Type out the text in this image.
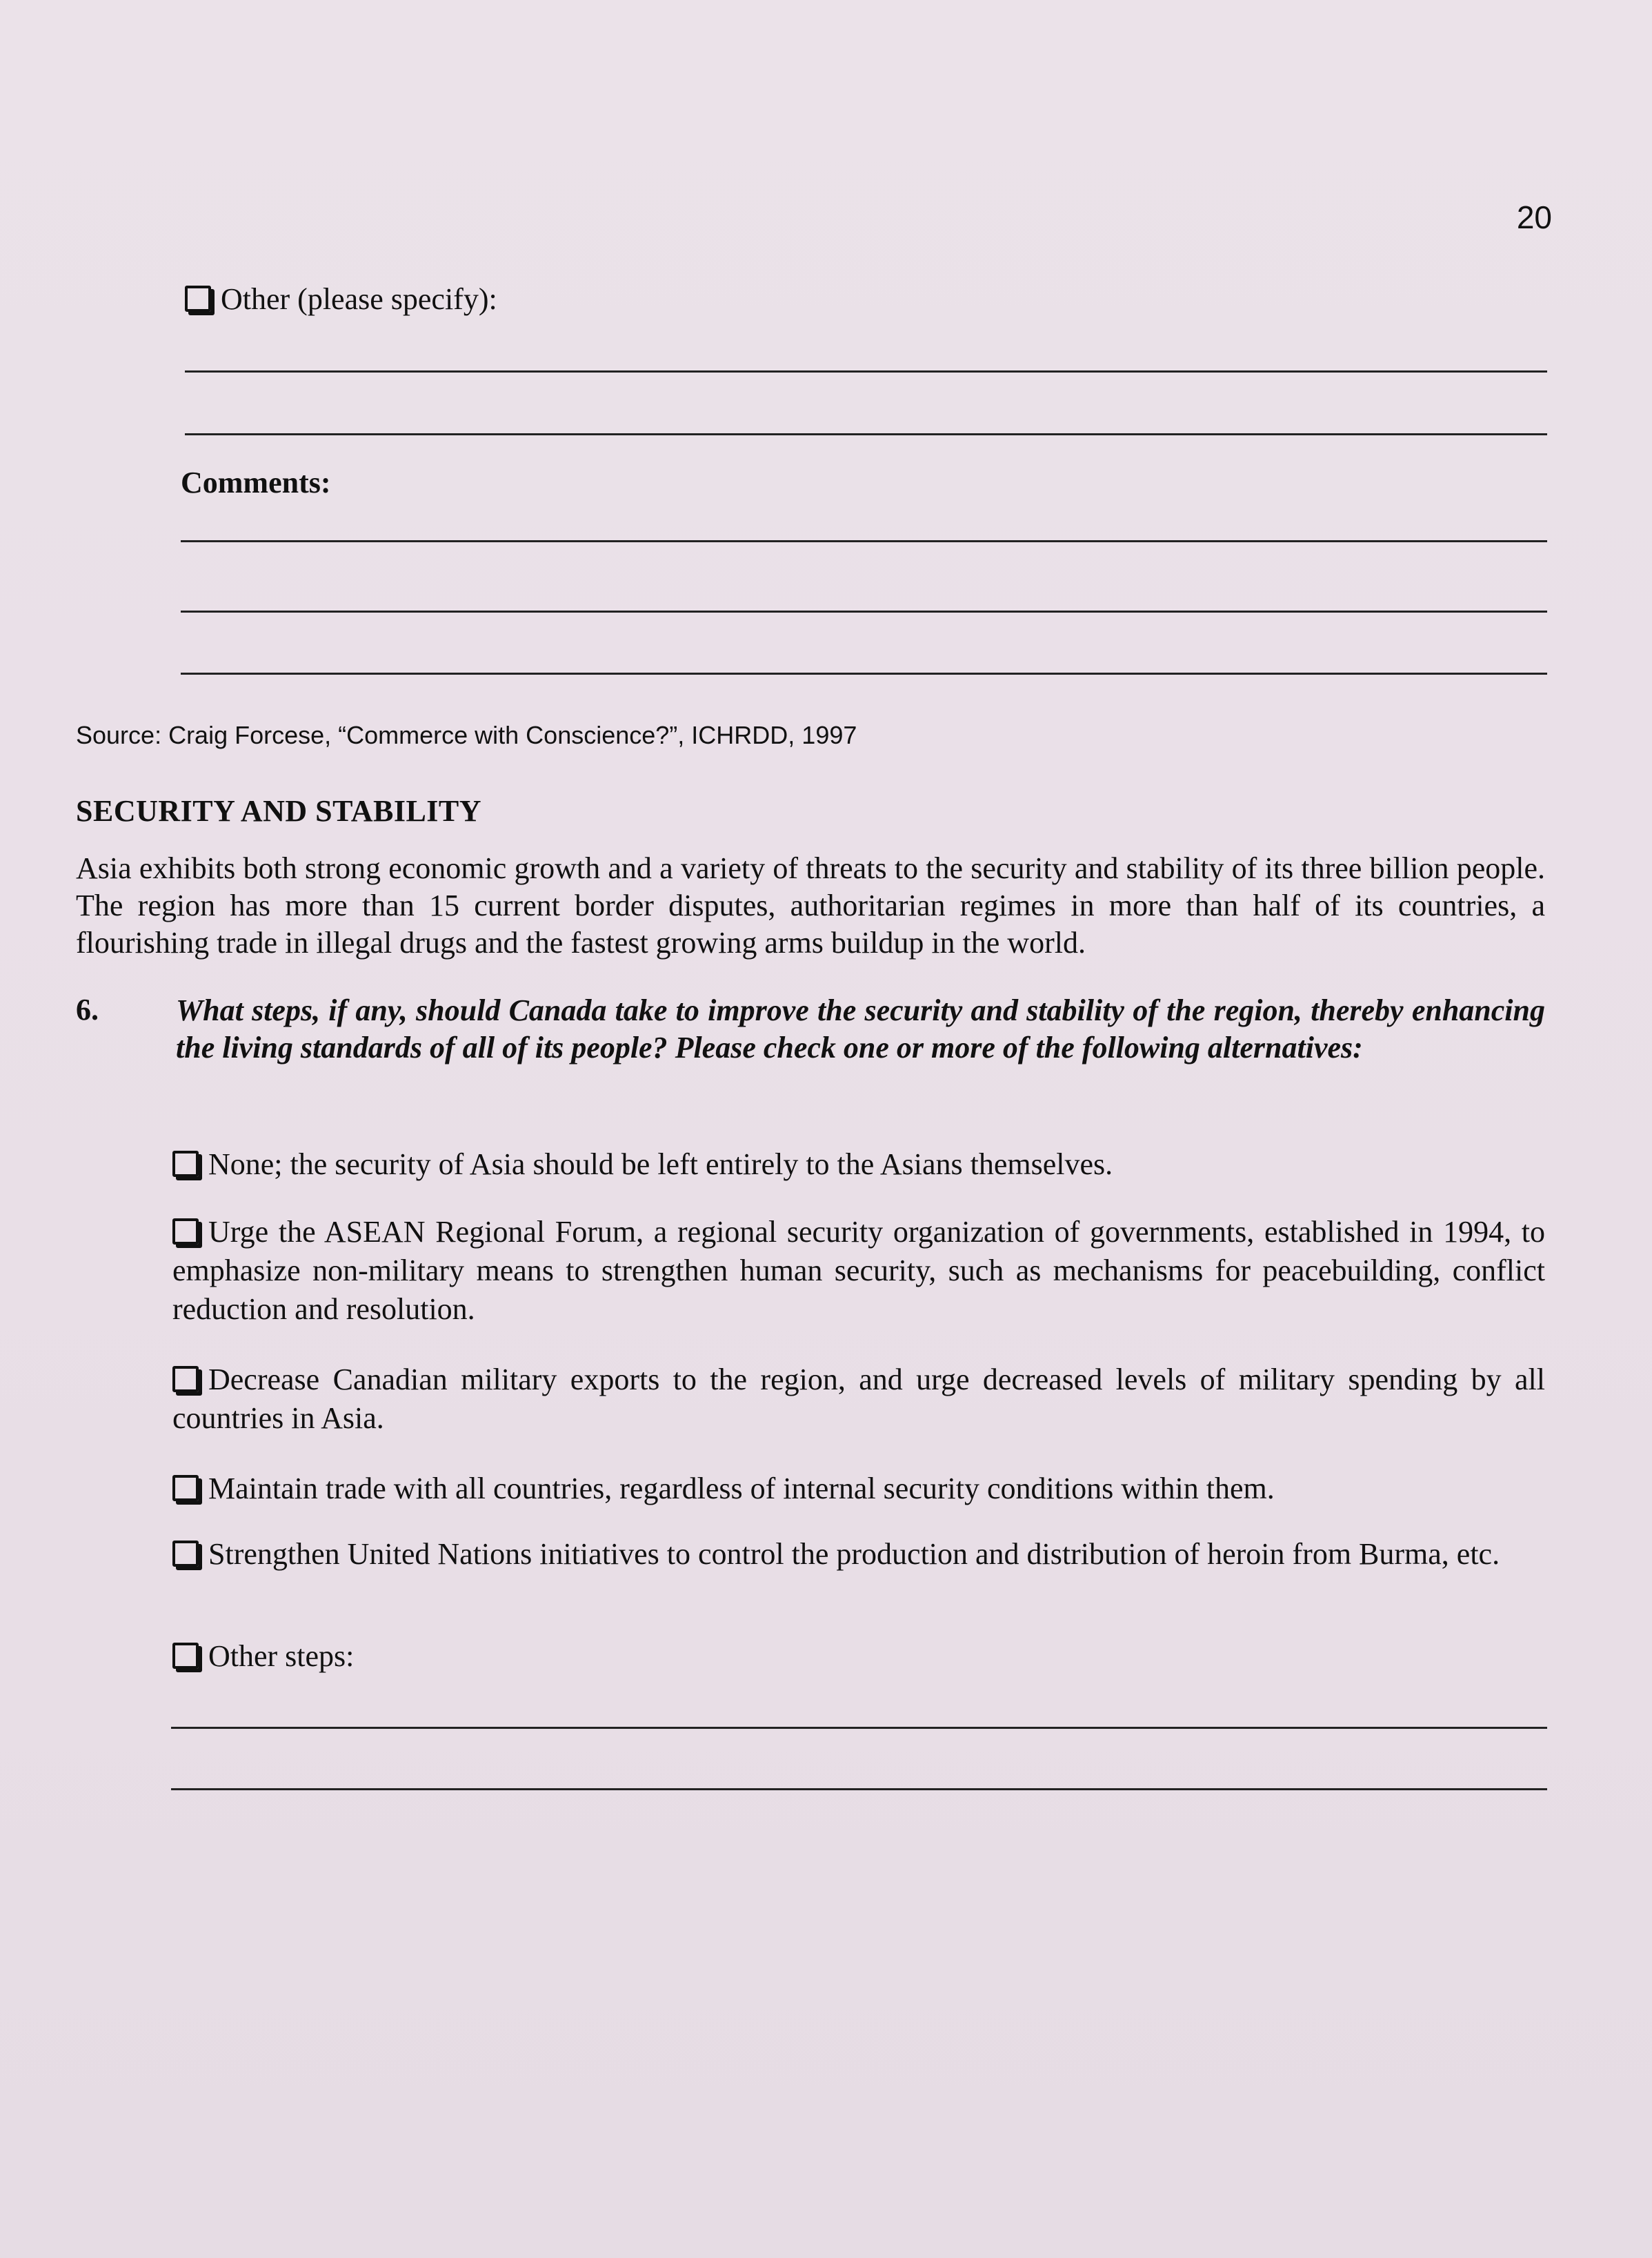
20
Other (please specify):
Comments:
Source: Craig Forcese, “Commerce with Conscience?”, ICHRDD, 1997
SECURITY AND STABILITY
Asia exhibits both strong economic growth and a variety of threats to the security and stability of its three billion people. The region has more than 15 current border disputes, authoritarian regimes in more than half of its countries, a flourishing trade in illegal drugs and the fastest growing arms buildup in the world.
6.	What steps, if any, should Canada take to improve the security and stability of the region, thereby enhancing the living standards of all of its people? Please check one or more of the following alternatives:
None; the security of Asia should be left entirely to the Asians themselves.
Urge the ASEAN Regional Forum, a regional security organization of governments, established in 1994, to emphasize non-military means to strengthen human security, such as mechanisms for peacebuilding, conflict reduction and resolution.
Decrease Canadian military exports to the region, and urge decreased levels of military spending by all countries in Asia.
Maintain trade with all countries, regardless of internal security conditions within them.
Strengthen United Nations initiatives to control the production and distribution of heroin from Burma, etc.
Other steps:
